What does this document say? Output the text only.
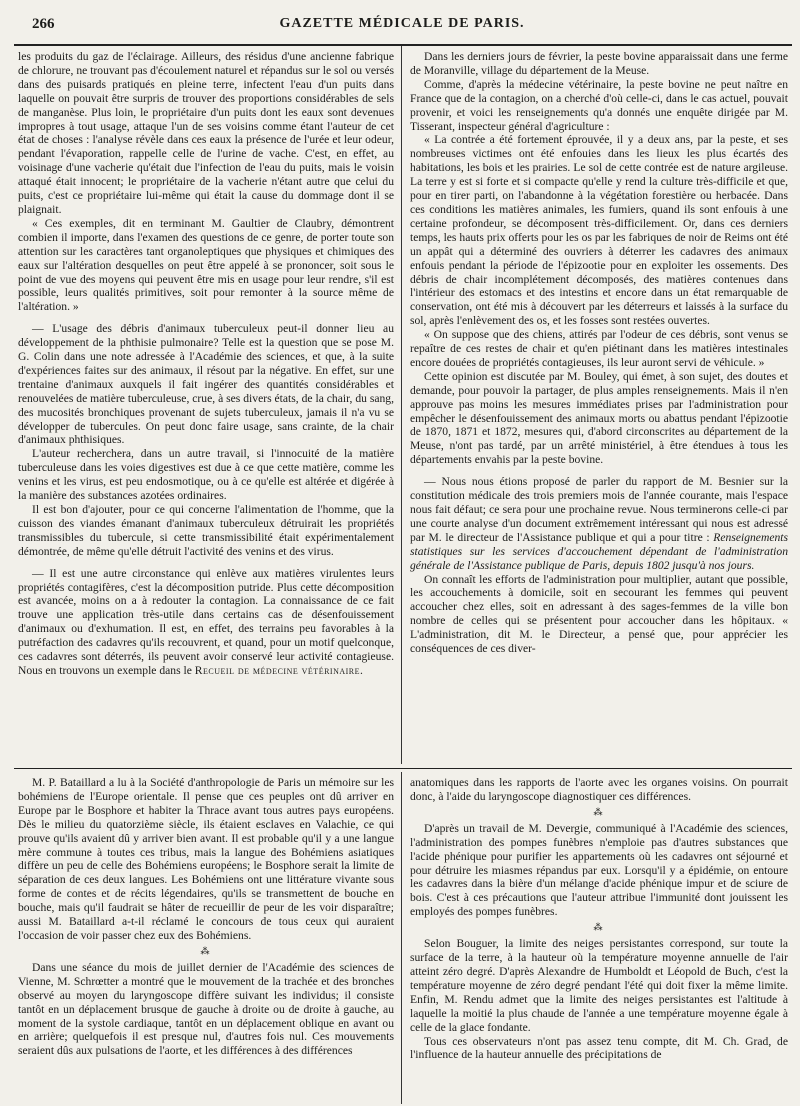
266	GAZETTE MÉDICALE DE PARIS.

les produits du gaz de l'éclairage. Ailleurs, des résidus d'une ancienne fabrique de chlorure, ne trouvant pas d'écoulement naturel et répandus sur le sol ou versés dans des puisards pratiqués en pleine terre, infectent l'eau d'un puits dans laquelle on pouvait être surpris de trouver des proportions considérables de sels de manganèse. Plus loin, le propriétaire d'un puits dont les eaux sont devenues impropres à tout usage, attaque l'un de ses voisins comme étant l'auteur de cet état de choses : l'analyse révèle dans ces eaux la présence de l'urée et leur odeur, pendant l'évaporation, rappelle celle de l'urine de vache. C'est, en effet, au voisinage d'une vacherie qu'était due l'infection de l'eau du puits, mais le voisin attaqué était innocent; le propriétaire de la vacherie n'étant autre que celui du puits, c'est ce propriétaire lui-même qui était la cause du dommage dont il se plaignait.

« Ces exemples, dit en terminant M. Gaultier de Claubry, démontrent combien il importe, dans l'examen des questions de ce genre, de porter toute son attention sur les caractères tant organoleptiques que physiques et chimiques des eaux sur l'altération desquelles on peut être appelé à se prononcer, soit sous le point de vue des moyens qui peuvent être mis en usage pour leur rendre, s'il est possible, leurs qualités primitives, soit pour remonter à la source même de l'altération. »

— L'usage des débris d'animaux tuberculeux peut-il donner lieu au développement de la phthisie pulmonaire? Telle est la question que se pose M. G. Colin dans une note adressée à l'Académie des sciences, et que, à la suite d'expériences faites sur des animaux, il résout par la négative. En effet, sur une trentaine d'animaux auxquels il fait ingérer des quantités considérables et renouvelées de matière tuberculeuse, crue, à ses divers états, de la chair, du sang, des mucosités bronchiques provenant de sujets tuberculeux, jamais il n'a vu se développer de tubercules. On peut donc faire usage, sans crainte, de la chair d'animaux phthisiques.

L'auteur recherchera, dans un autre travail, si l'innocuité de la matière tuberculeuse dans les voies digestives est due à ce que cette matière, comme les venins et les virus, est peu endosmotique, ou à ce qu'elle est altérée et digérée à la manière des substances azotées ordinaires.

Il est bon d'ajouter, pour ce qui concerne l'alimentation de l'homme, que la cuisson des viandes émanant d'animaux tuberculeux détruirait les propriétés transmissibles du tubercule, si cette transmissibilité était expérimentalement démontrée, de même qu'elle détruit l'activité des venins et des virus.

— Il est une autre circonstance qui enlève aux matières virulentes leurs propriétés contagifères, c'est la décomposition putride. Plus cette décomposition est avancée, moins on a à redouter la contagion. La connaissance de ce fait trouve une application très-utile dans certains cas de désenfouissement d'animaux ou d'exhumation. Il est, en effet, des terrains peu favorables à la putréfaction des cadavres qu'ils recouvrent, et quand, pour un motif quelconque, ces cadavres sont déterrés, ils peuvent avoir conservé leur activité contagieuse. Nous en trouvons un exemple dans le Recueil de médecine vétérinaire.

Dans les derniers jours de février, la peste bovine apparaissait dans une ferme de Moranville, village du département de la Meuse.

Comme, d'après la médecine vétérinaire, la peste bovine ne peut naître en France que de la contagion, on a cherché d'où celle-ci, dans le cas actuel, pouvait provenir, et voici les renseignements qu'a donnés une enquête dirigée par M. Tisserant, inspecteur général d'agriculture :

« La contrée a été fortement éprouvée, il y a deux ans, par la peste, et ses nombreuses victimes ont été enfouies dans les lieux les plus écartés des habitations, les bois et les prairies. Le sol de cette contrée est de nature argileuse. La terre y est si forte et si compacte qu'elle y rend la culture très-difficile et que, pour en tirer parti, on l'abandonne à la végétation forestière ou herbacée. Dans ces conditions les matières animales, les fumiers, quand ils sont enfouis à une certaine profondeur, se décomposent très-difficilement. Or, dans ces derniers temps, les hauts prix offerts pour les os par les fabriques de noir de Reims ont été un appât qui a déterminé des ouvriers à déterrer les cadavres des animaux enfouis pendant la période de l'épizootie pour en exploiter les ossements. Des débris de chair incomplétement décomposés, des matières contenues dans l'intérieur des estomacs et des intestins et encore dans un état remarquable de conservation, ont été mis à découvert par les déterreurs et laissés à la surface du sol, après l'enlèvement des os, et les fosses sont restées ouvertes.

« On suppose que des chiens, attirés par l'odeur de ces débris, sont venus se repaître de ces restes de chair et qu'en piétinant dans les matières intestinales encore douées de propriétés contagieuses, ils leur auront servi de véhicule. »

Cette opinion est discutée par M. Bouley, qui émet, à son sujet, des doutes et demande, pour pouvoir la partager, de plus amples renseignements. Mais il n'en approuve pas moins les mesures immédiates prises par l'administration pour empêcher le désenfouissement des animaux morts ou abattus pendant l'épizootie de 1870, 1871 et 1872, mesures qui, d'abord circonscrites au département de la Meuse, n'ont pas tardé, par un arrêté ministériel, à être étendues à tous les départements envahis par la peste bovine.

— Nous nous étions proposé de parler du rapport de M. Besnier sur la constitution médicale des trois premiers mois de l'année courante, mais l'espace nous fait défaut; ce sera pour une prochaine revue. Nous terminerons celle-ci par une courte analyse d'un document extrêmement intéressant qui nous est adressé par M. le directeur de l'Assistance publique et qui a pour titre : Renseignements statistiques sur les services d'accouchement dépendant de l'administration générale de l'Assistance publique de Paris, depuis 1802 jusqu'à nos jours.

On connaît les efforts de l'administration pour multiplier, autant que possible, les accouchements à domicile, soit en secourant les femmes qui peuvent accoucher chez elles, soit en adressant à des sages-femmes de la ville bon nombre de celles qui se présentent pour accoucher dans les hôpitaux. « L'administration, dit M. le Directeur, a pensé que, pour apprécier les conséquences de ces diver-

M. P. Bataillard a lu à la Société d'anthropologie de Paris un mémoire sur les bohémiens de l'Europe orientale. Il pense que ces peuples ont dû arriver en Europe par le Bosphore et habiter la Thrace avant tous autres pays européens. Dès le milieu du quatorzième siècle, ils étaient esclaves en Valachie, ce qui prouve qu'ils avaient dû y arriver bien avant. Il est probable qu'il y a une langue mère commune à toutes ces tribus, mais la langue des Bohémiens asiatiques diffère un peu de celle des Bohémiens européens; le Bosphore serait la limite de séparation de ces deux langues. Les Bohémiens ont une littérature vivante sous forme de contes et de récits légendaires, qu'ils se transmettent de bouche en bouche, mais qu'il faudrait se hâter de recueillir de peur de les voir disparaître; aussi M. Bataillard a-t-il réclamé le concours de tous ceux qui auraient l'occasion de voir passer chez eux des Bohémiens.

⁂

Dans une séance du mois de juillet dernier de l'Académie des sciences de Vienne, M. Schrœtter a montré que le mouvement de la trachée et des bronches observé au moyen du laryngoscope diffère suivant les individus; il consiste tantôt en un déplacement brusque de gauche à droite ou de droite à gauche, au moment de la systole cardiaque, tantôt en un déplacement oblique en avant ou en arrière; quelquefois il est presque nul, d'autres fois nul. Ces mouvements seraient dûs aux pulsations de l'aorte, et les différences à des différences

anatomiques dans les rapports de l'aorte avec les organes voisins. On pourrait donc, à l'aide du laryngoscope diagnostiquer ces différences.

⁂

D'après un travail de M. Devergie, communiqué à l'Académie des sciences, l'administration des pompes funèbres n'emploie pas d'autres substances que l'acide phénique pour purifier les appartements où les cadavres ont séjourné et pour détruire les miasmes répandus par eux. Lorsqu'il y a épidémie, on entoure les cadavres dans la bière d'un mélange d'acide phénique impur et de sciure de bois. C'est à ces précautions que l'auteur attribue l'immunité dont jouissent les employés des pompes funèbres.

⁂

Selon Bouguer, la limite des neiges persistantes correspond, sur toute la surface de la terre, à la hauteur où la température moyenne annuelle de l'air atteint zéro degré. D'après Alexandre de Humboldt et Léopold de Buch, c'est la température moyenne de zéro degré pendant l'été qui doit fixer la même limite. Enfin, M. Rendu admet que la limite des neiges persistantes est l'altitude à laquelle la moitié la plus chaude de l'année a une température moyenne égale à celle de la glace fondante.

Tous ces observateurs n'ont pas assez tenu compte, dit M. Ch. Grad, de l'influence de la hauteur annuelle des précipitations de
